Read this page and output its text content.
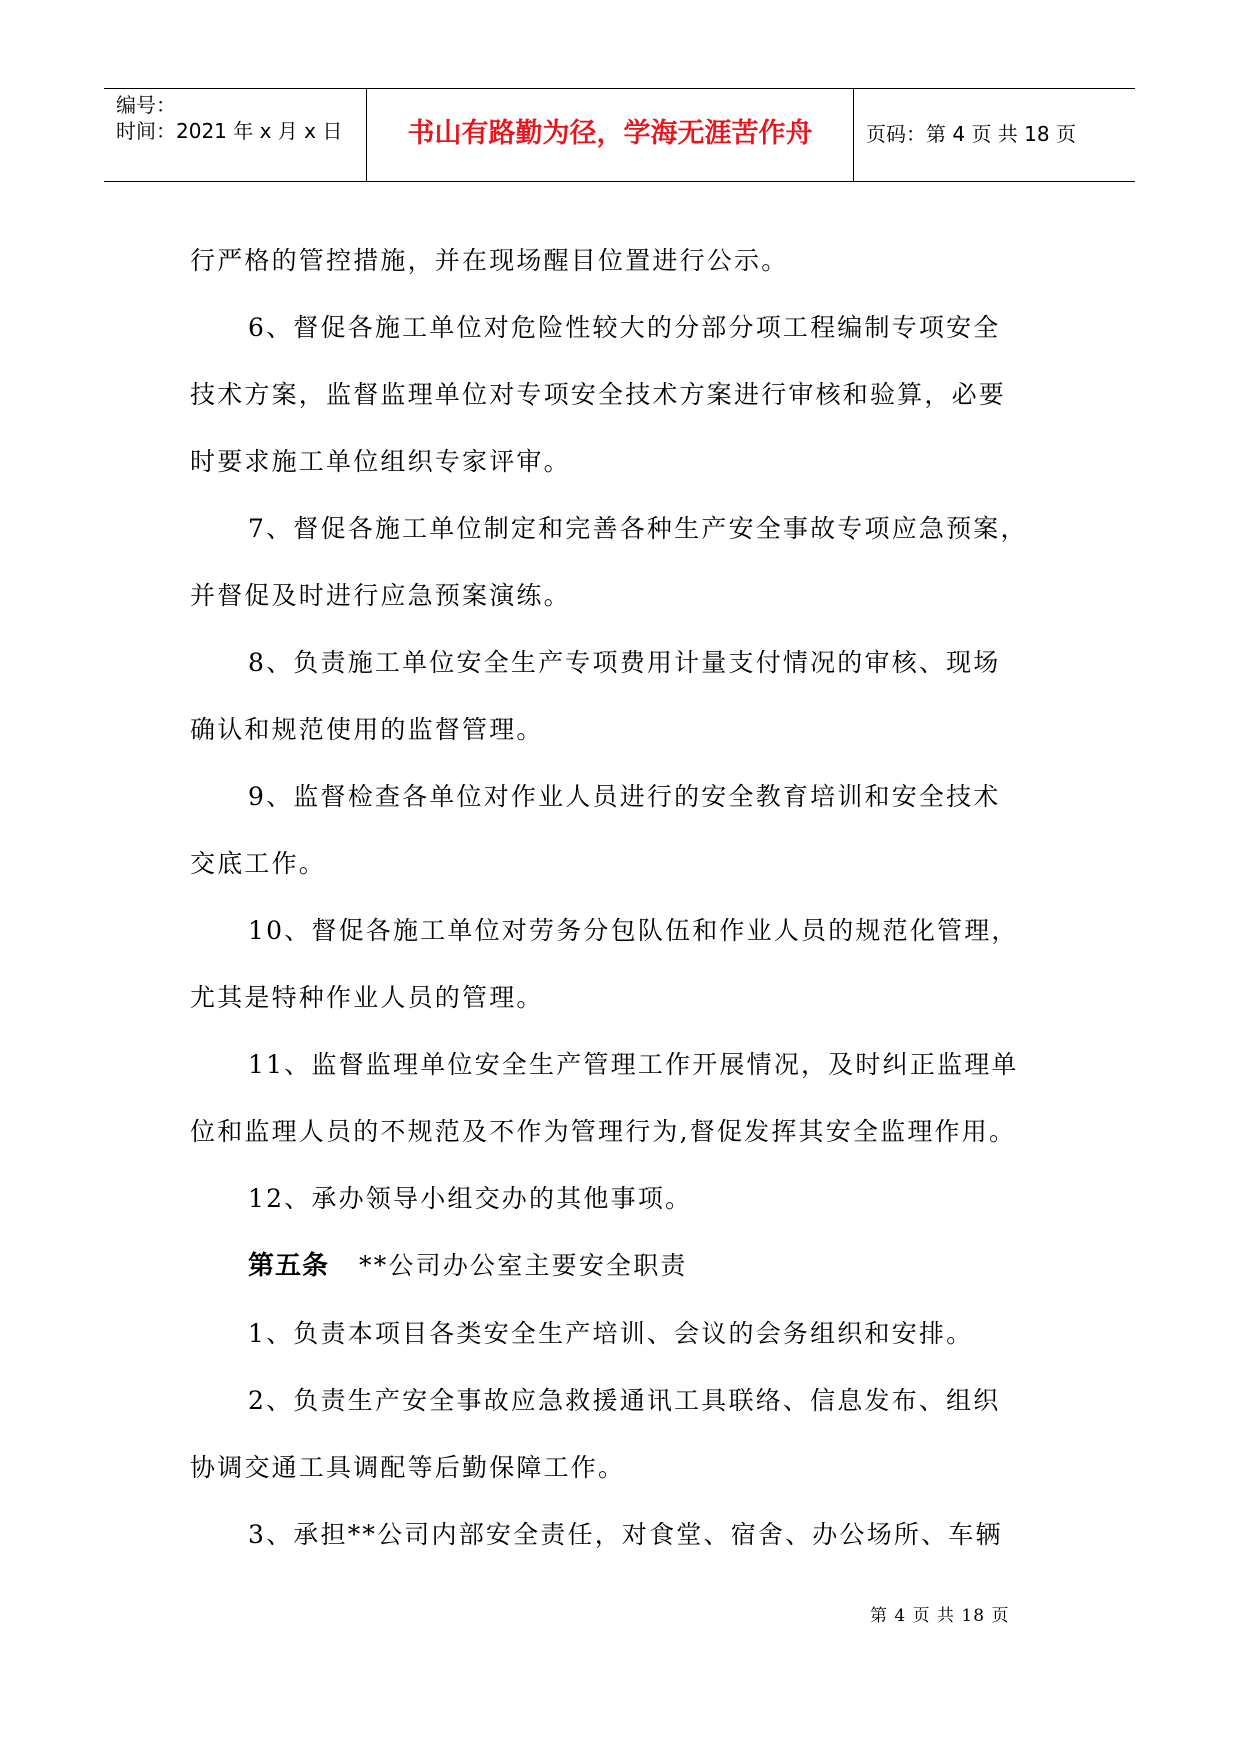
编号：
时间：2021 年 x 月 x 日	书山有路勤为径，学海无涯苦作舟	页码：第 4 页 共 18 页

行严格的管控措施，并在现场醒目位置进行公示。

6、督促各施工单位对危险性较大的分部分项工程编制专项安全

技术方案，监督监理单位对专项安全技术方案进行审核和验算，必要

时要求施工单位组织专家评审。

7、督促各施工单位制定和完善各种生产安全事故专项应急预案，

并督促及时进行应急预案演练。

8、负责施工单位安全生产专项费用计量支付情况的审核、现场

确认和规范使用的监督管理。

9、监督检查各单位对作业人员进行的安全教育培训和安全技术

交底工作。

10、督促各施工单位对劳务分包队伍和作业人员的规范化管理，

尤其是特种作业人员的管理。

11、监督监理单位安全生产管理工作开展情况，及时纠正监理单

位和监理人员的不规范及不作为管理行为,督促发挥其安全监理作用。

12、承办领导小组交办的其他事项。

第五条 **公司办公室主要安全职责

1、负责本项目各类安全生产培训、会议的会务组织和安排。

2、负责生产安全事故应急救援通讯工具联络、信息发布、组织

协调交通工具调配等后勤保障工作。

3、承担**公司内部安全责任，对食堂、宿舍、办公场所、车辆

第 4 页 共 18 页
